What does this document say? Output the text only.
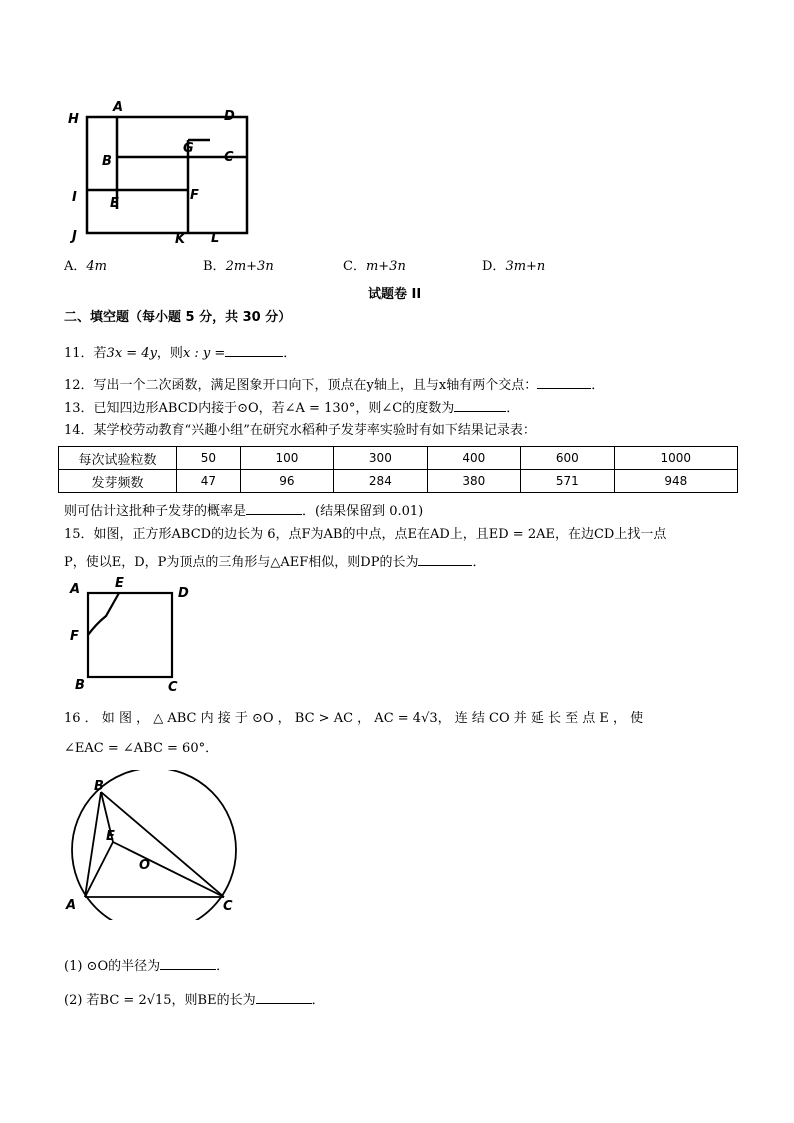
H
A
D
B
G
C
I	E
F
J	K L
A．4m	B．2m+3n	C．m+3n	D．3m+n
试题卷 II
二、填空题（每小题 5 分，共 30 分）
11．若3x = 4y，则x : y =	．
12．写出一个二次函数，满足图象开口向下，顶点在y轴上，且与x轴有两个交点：	．
13．已知四边形ABCD内接于⊙O，若∠A = 130°，则∠C的度数为	．
14．某学校劳动教育“兴趣小组”在研究水稻种子发芽率实验时有如下结果记录表：
每次试验粒数	50	100	300	400	600	1000
发芽频数	47	96	284	380	571	948
则可估计这批种子发芽的概率是	．(结果保留到 0.01)
15．如图，正方形ABCD的边长为 6，点F为AB的中点，点E在AD上，且ED = 2AE，在边CD上找一点
P，使以E，D，P为顶点的三角形与△AEF相似，则DP的长为	．
A	E
D
F
B	C
16 ． 如 图 ， △ ABC 内 接 于 ⊙O ， BC > AC ， AC = 4√3， 连 结 CO 并 延 长 至 点 E ， 使
∠EAC = ∠ABC = 60°．
B
E
O
A	C
(1) ⊙O的半径为	．
(2) 若BC = 2√15，则BE的长为	．
